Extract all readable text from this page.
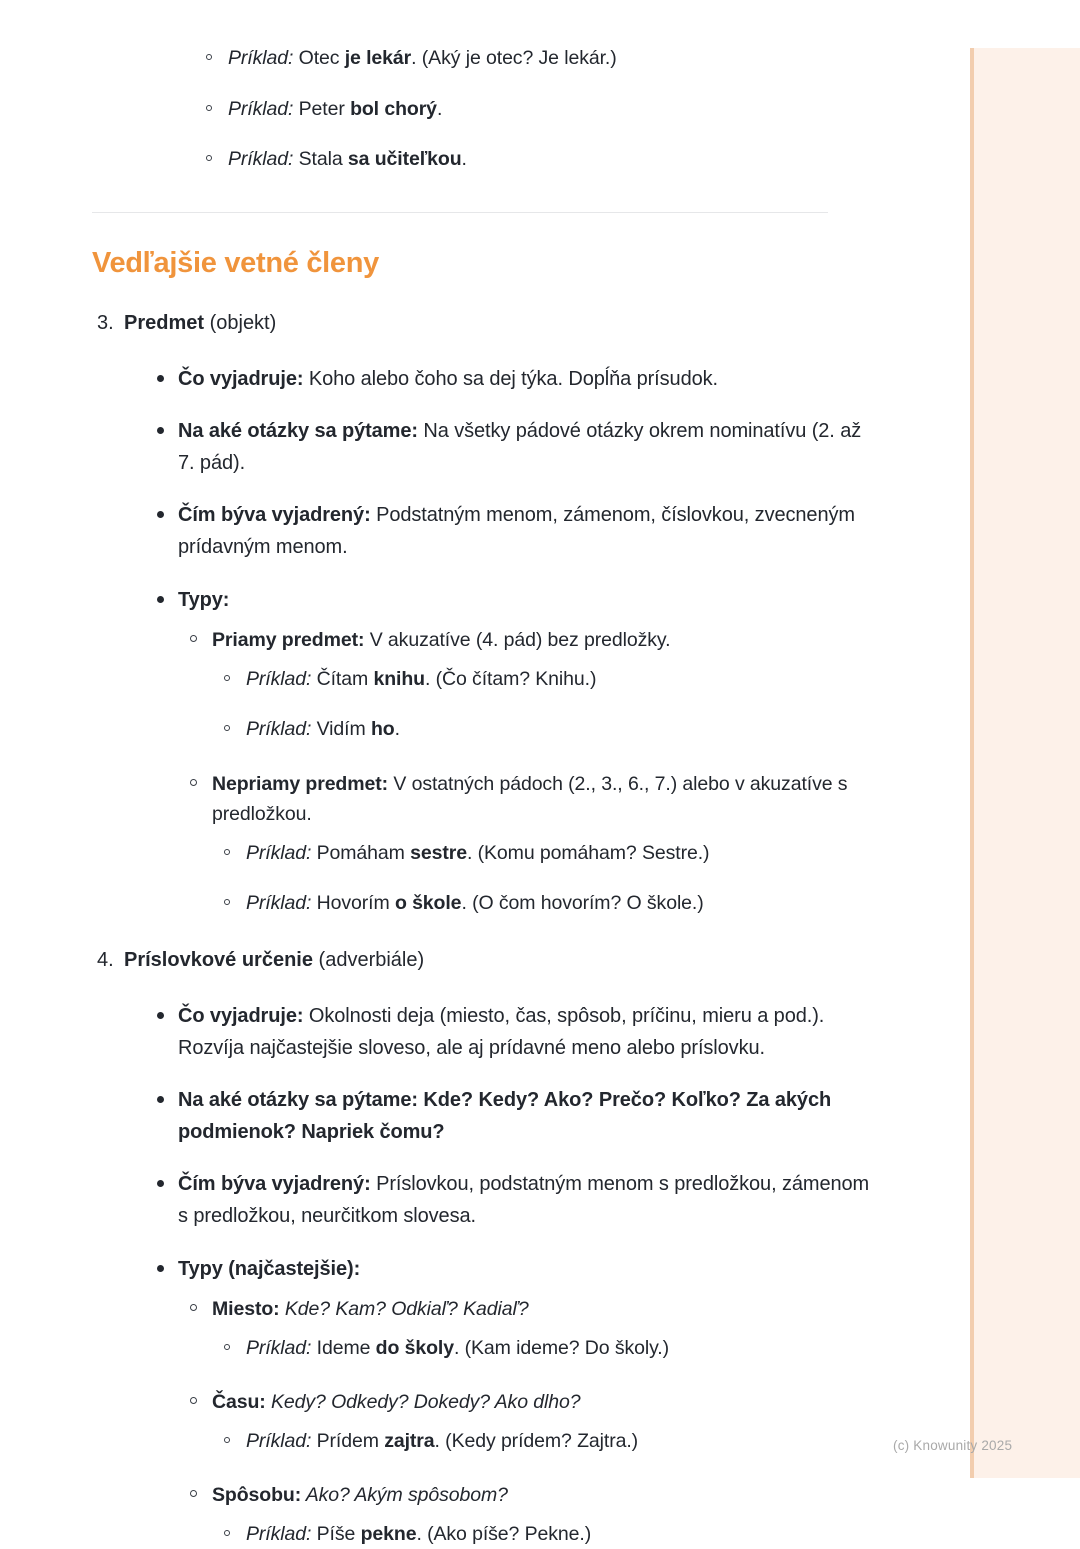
Príklad: Otec je lekár. (Aký je otec? Je lekár.)
Príklad: Peter bol chorý.
Príklad: Stala sa učiteľkou.
Vedľajšie vetné členy
3. Predmet (objekt)
Čo vyjadruje: Koho alebo čoho sa dej týka. Dopĺňa prísudok.
Na aké otázky sa pýtame: Na všetky pádové otázky okrem nominatívu (2. až 7. pád).
Čím býva vyjadrený: Podstatným menom, zámenom, číslovkou, zvecneným prídavným menom.
Typy:
Priamy predmet: V akuzatíve (4. pád) bez predložky.
Príklad: Čítam knihu. (Čo čítam? Knihu.)
Príklad: Vidím ho.
Nepriamy predmet: V ostatných pádoch (2., 3., 6., 7.) alebo v akuzatíve s predložkou.
Príklad: Pomáham sestre. (Komu pomáham? Sestre.)
Príklad: Hovorím o škole. (O čom hovorím? O škole.)
4. Príslovkové určenie (adverbiále)
Čo vyjadruje: Okolnosti deja (miesto, čas, spôsob, príčinu, mieru a pod.). Rozvíja najčastejšie sloveso, ale aj prídavné meno alebo príslovku.
Na aké otázky sa pýtame: Kde? Kedy? Ako? Prečo? Koľko? Za akých podmienok? Napriek čomu?
Čím býva vyjadrený: Príslovkou, podstatným menom s predložkou, zámenom s predložkou, neurčitkom slovesa.
Typy (najčastejšie):
Miesto: Kde? Kam? Odkiaľ? Kadiaľ?
Príklad: Ideme do školy. (Kam ideme? Do školy.)
Času: Kedy? Odkedy? Dokedy? Ako dlho?
Príklad: Prídem zajtra. (Kedy prídem? Zajtra.)
Spôsobu: Ako? Akým spôsobom?
Príklad: Píše pekne. (Ako píše? Pekne.)
(c) Knowunity 2025
